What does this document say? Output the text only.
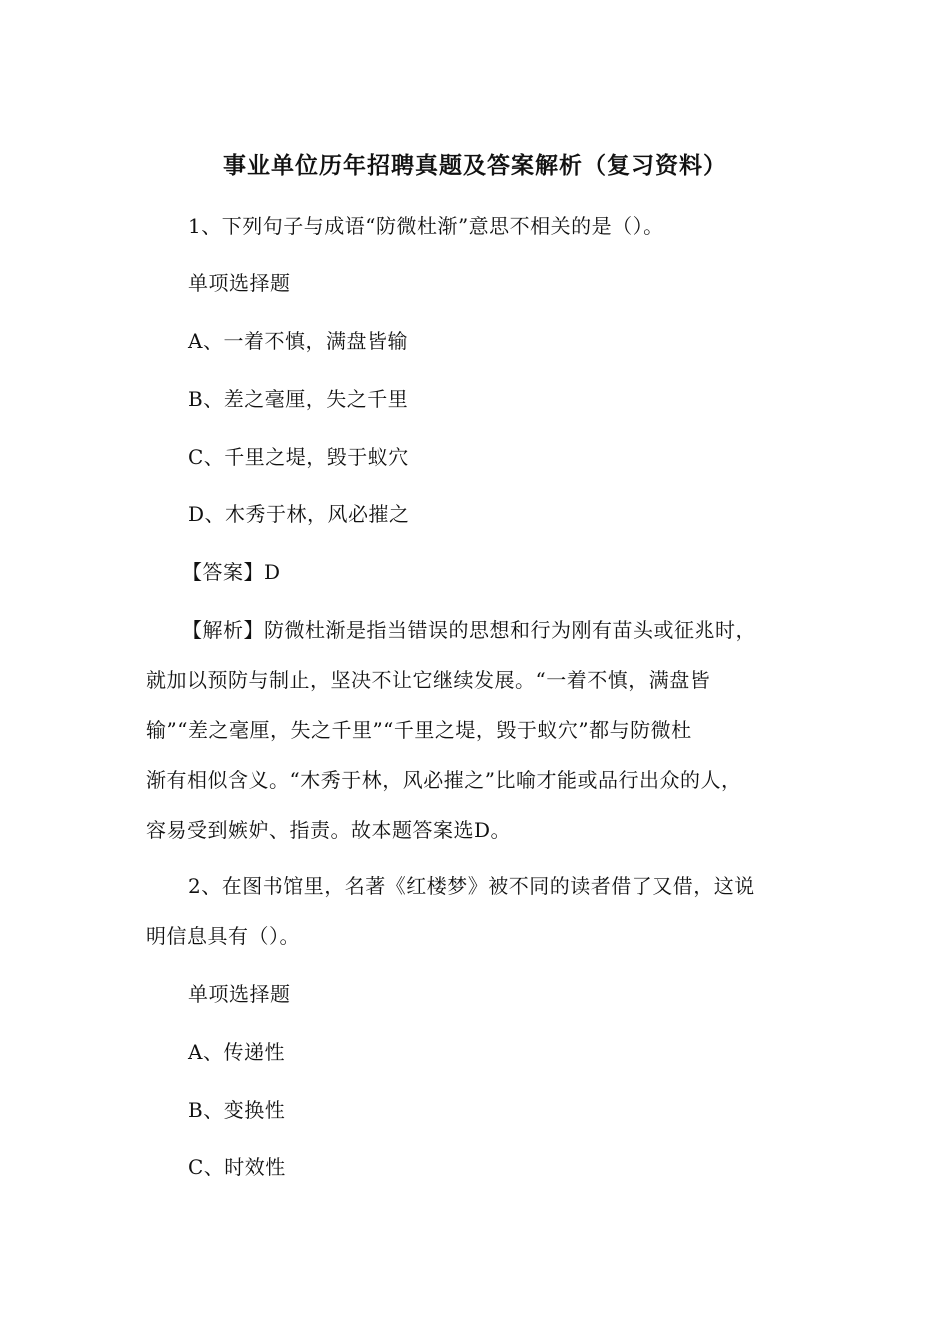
事业单位历年招聘真题及答案解析（复习资料）
1、下列句子与成语“防微杜渐”意思不相关的是（）。
单项选择题
A、一着不慎，满盘皆输
B、差之毫厘，失之千里
C、千里之堤，毁于蚁穴
D、木秀于林，风必摧之
【答案】D
【解析】防微杜渐是指当错误的思想和行为刚有苗头或征兆时，
就加以预防与制止，坚决不让它继续发展。“一着不慎，满盘皆
输”“差之毫厘，失之千里”“千里之堤，毁于蚁穴”都与防微杜
渐有相似含义。“木秀于林，风必摧之”比喻才能或品行出众的人，
容易受到嫉妒、指责。故本题答案选D。
2、在图书馆里，名著《红楼梦》被不同的读者借了又借，这说
明信息具有（）。
单项选择题
A、传递性
B、变换性
C、时效性
